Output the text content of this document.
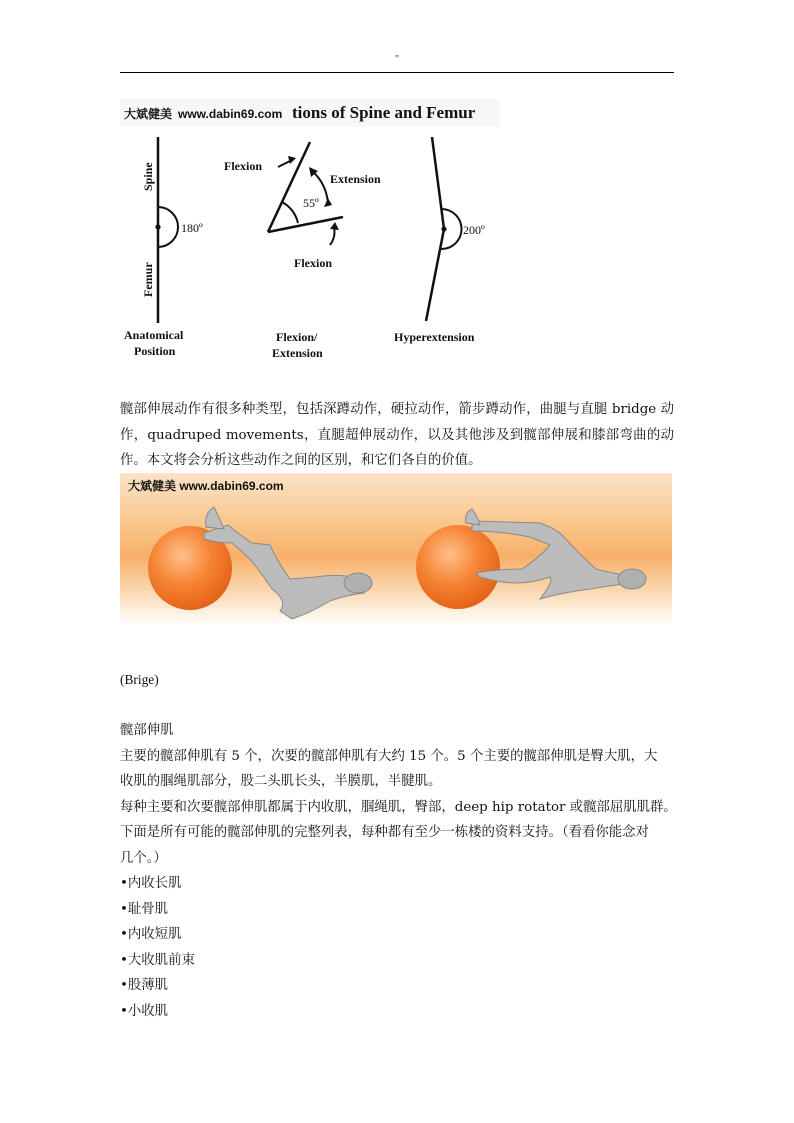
"
大斌健美 www.dabin69.com tions of Spine and Femur
180º
Spine
Femur
Anatomical
Position
55º
Flexion
Extension
Flexion
Flexion/
Extension
200º
Hyperextension
髋部伸展动作有很多种类型，包括深蹲动作，硬拉动作，箭步蹲动作，曲腿与直腿 bridge 动作，quadruped movements，直腿超伸展动作，以及其他涉及到髋部伸展和膝部弯曲的动作。本文将会分析这些动作之间的区别，和它们各自的价值。
大斌健美 www.dabin69.com
(Brige)
髋部伸肌
主要的髋部伸肌有 5 个，次要的髋部伸肌有大约 15 个。5 个主要的髋部伸肌是臀大肌，大
收肌的腘绳肌部分，股二头肌长头，半膜肌，半腱肌。
每种主要和次要髋部伸肌都属于内收肌，腘绳肌，臀部，deep hip rotator 或髋部屈肌肌群。
下面是所有可能的髋部伸肌的完整列表，每种都有至少一栋楼的资料支持。（看看你能念对
几个。）
•内收长肌
•耻骨肌
•内收短肌
•大收肌前束
•股薄肌
•小收肌
